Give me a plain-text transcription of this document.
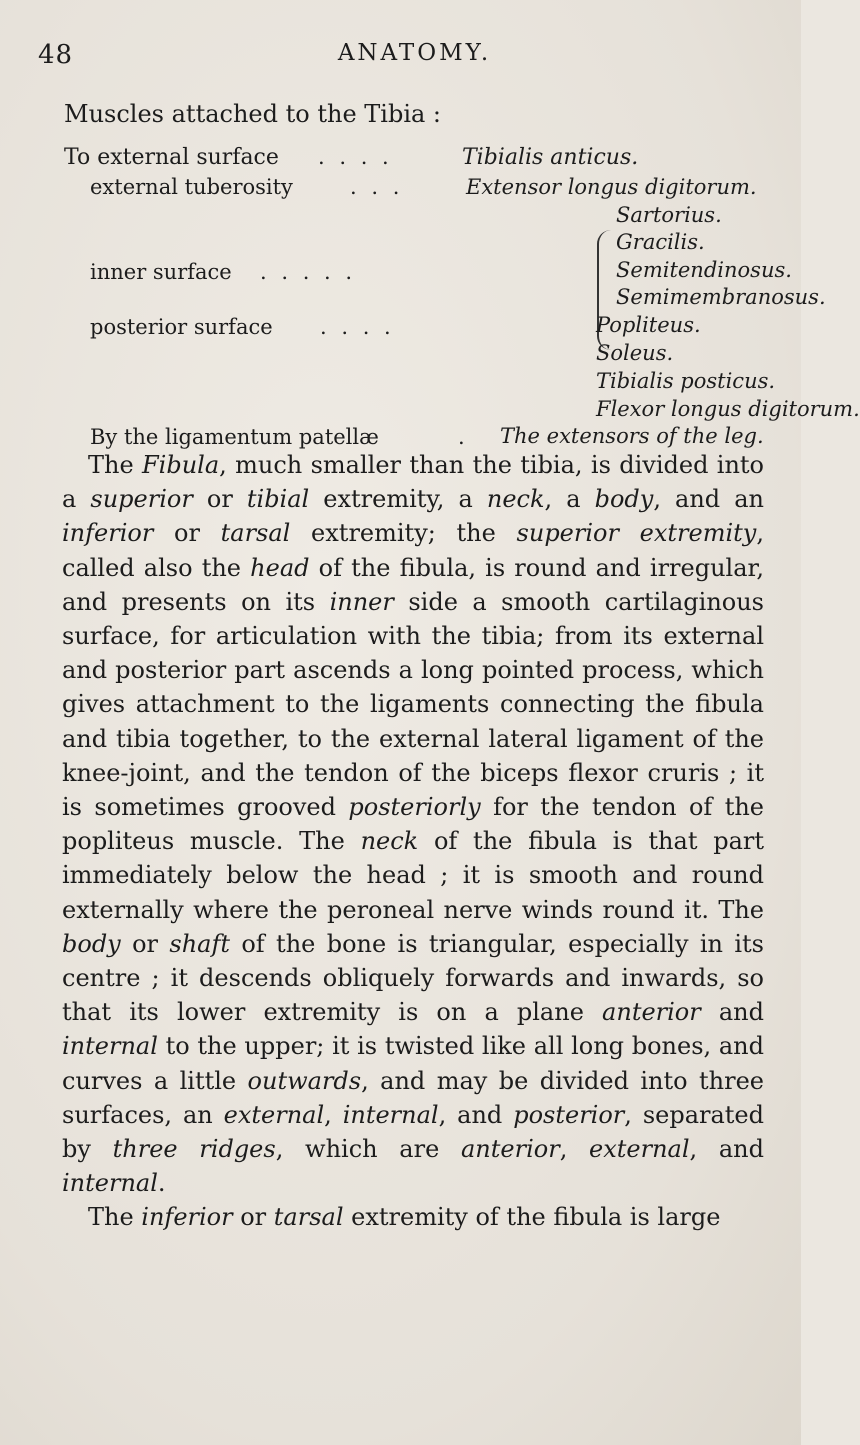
48	ANATOMY.
Muscles attached to the Tibia :
To external surface . . . .	Tibialis anticus.
external tuberosity	. . .	Extensor longus digitorum.
Sartorius.
Gracilis.
inner surface . . . . .	Semitendinosus.
Semimembranosus.
posterior surface . . . .	Popliteus.
Soleus.
Tibialis posticus.
Flexor longus digitorum.
By the ligamentum patellæ	. The extensors of the leg.

The Fibula, much smaller than the tibia, is divided into a superior or tibial extremity, a neck, a body, and an inferior or tarsal extremity; the superior extremity, called also the head of the fibula, is round and irregular, and presents on its inner side a smooth cartilaginous surface, for articulation with the tibia; from its external and posterior part ascends a long pointed process, which gives attachment to the ligaments connecting the fibula and tibia together, to the external lateral ligament of the knee-joint, and the tendon of the biceps flexor cruris ; it is sometimes grooved posteriorly for the tendon of the popliteus muscle. The neck of the fibula is that part immediately below the head ; it is smooth and round externally where the peroneal nerve winds round it. The body or shaft of the bone is triangular, especially in its centre ; it descends obliquely forwards and inwards, so that its lower extremity is on a plane anterior and internal to the upper; it is twisted like all long bones, and curves a little outwards, and may be divided into three surfaces, an external, internal, and posterior, separated by three ridges, which are anterior, external, and internal.

The inferior or tarsal extremity of the fibula is large
